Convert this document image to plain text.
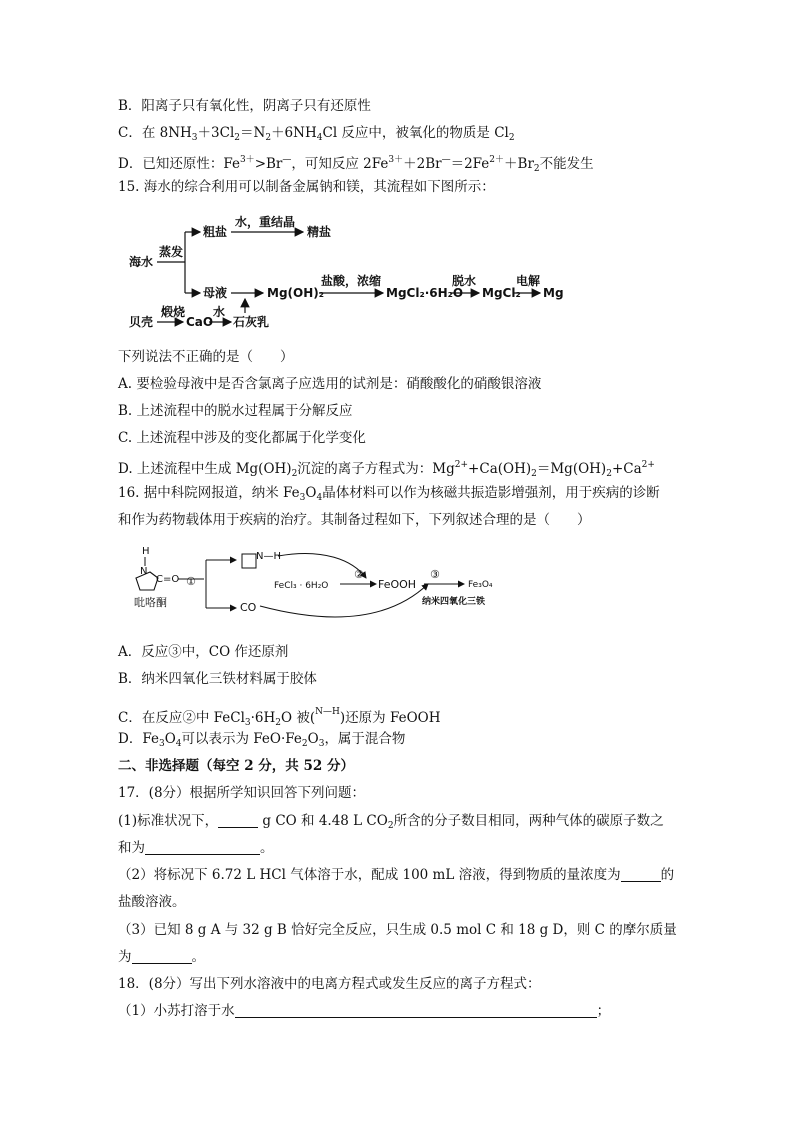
B．阳离子只有氧化性，阴离子只有还原性
C．在 $8NH_3+3Cl_2=N_2+6NH_4Cl$ 反应中，被氧化的物质是 $Cl_2$
D．已知还原性：$Fe^{3+}>Br^—$，可知反应 $2Fe^{3+}+2Br^—=2Fe^{2+}+Br_2$不能发生
15. 海水的综合利用可以制备金属钠和镁，其流程如下图所示：
海水
蒸发
粗盐
水，重结晶
精盐
母液	Mg(OH)₂
盐酸，浓缩
MgCl₂·6H₂O
脱水
MgCl₂
电解
Mg
贝壳
煅烧
CaO
水
石灰乳
下列说法不正确的是（　　）
A. 要检验母液中是否含氯离子应选用的试剂是：硝酸酸化的硝酸银溶液
B. 上述流程中的脱水过程属于分解反应
C. 上述流程中涉及的变化都属于化学变化
D. 上述流程中生成 $Mg(OH)_2$沉淀的离子方程式为：$Mg^{2+}+Ca(OH)_2=Mg(OH)_2+Ca^{2+}$
16. 据中科院网报道，纳米 $Fe_3O_4$晶体材料可以作为核磁共振造影增强剂，用于疾病的诊断
和作为药物载体用于疾病的治疗。其制备过程如下，下列叙述合理的是（　　）
H
N
C=O
吡咯酮
①
N—H
CO
FeCl₃ · 6H₂O
②
FeOOH
③
Fe₃O₄
纳米四氧化三铁
A．反应③中，CO 作还原剂
B．纳米四氧化三铁材料属于胶体
C．在反应②中 $FeCl_3\cdot 6H_2O$ 被($^{N—H}$)还原为 FeOOH
D．$Fe_3O_4$可以表示为 $FeO\cdot Fe_2O_3$，属于混合物
二、非选择题（每空 2 分，共 52 分）
17．(8分）根据所学知识回答下列问题：
(1)标准状况下，	g CO 和 4.48 L $CO_2$所含的分子数目相同，两种气体的碳原子数之
和为	。
（2）将标况下 6.72 L HCl 气体溶于水，配成 100 mL 溶液，得到物质的量浓度为	的
盐酸溶液。
（3）已知 8 g A 与 32 g B 恰好完全反应，只生成 0.5 mol C 和 18 g D，则 C 的摩尔质量
为	。
18．(8分）写出下列水溶液中的电离方程式或发生反应的离子方程式：
（1）小苏打溶于水	；
